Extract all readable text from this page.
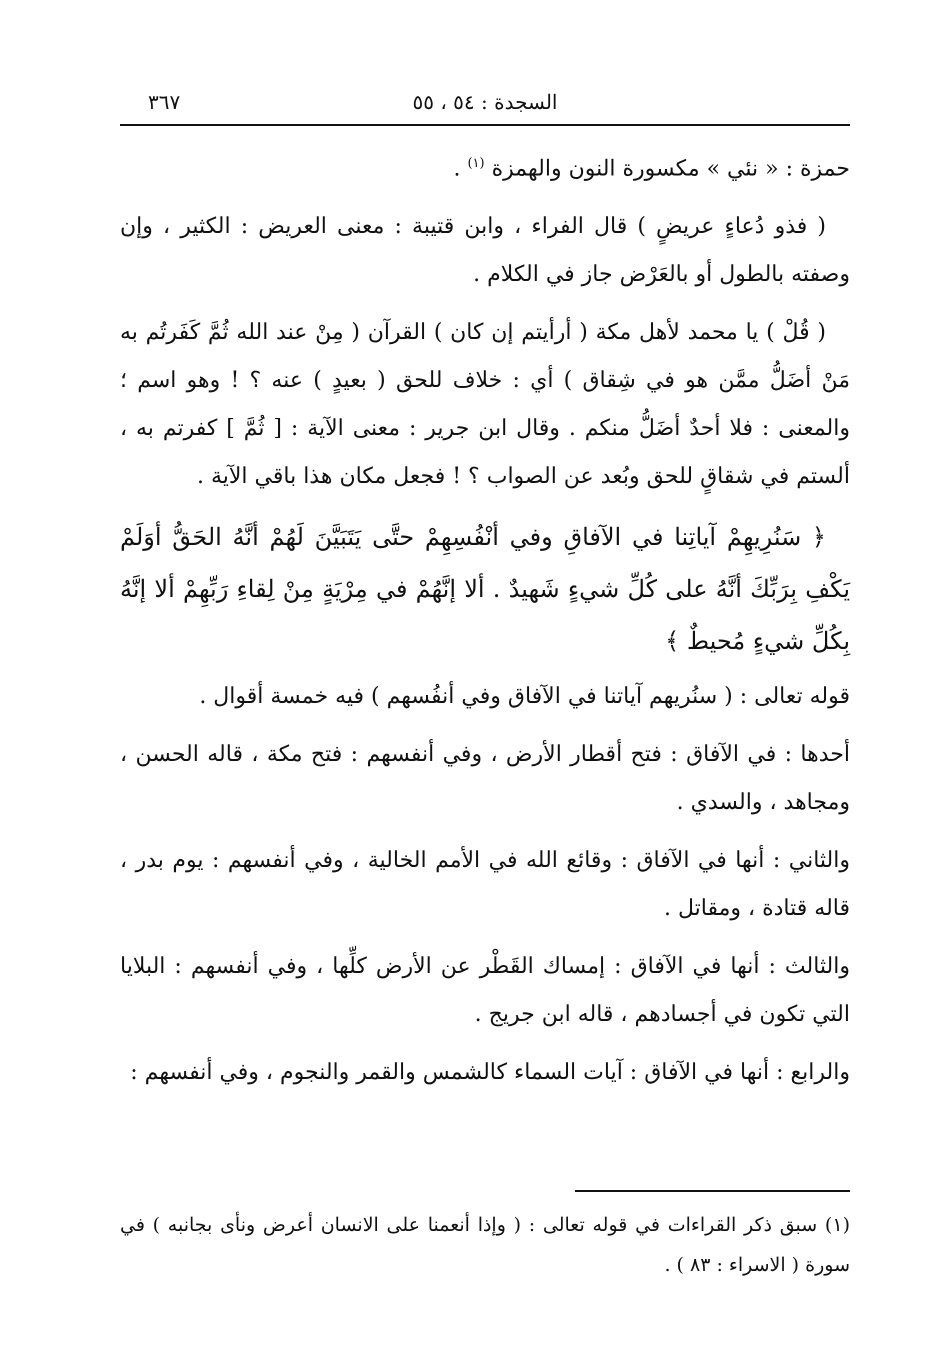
السجدة : ٥٤ ، ٥٥
٣٦٧

حمزة : « نئي » مكسورة النون والهمزة $^{(١)}$ .

( فذو دُعاءٍ عريضٍ ) قال الفراء ، وابن قتيبة : معنى العريض : الكثير ، وإن وصفته بالطول أو بالعَرْض جاز في الكلام .

( قُلْ ) يا محمد لأهل مكة ( أرأيتم إن كان ) القرآن ( مِنْ عند الله ثُمَّ كَفَرتُم به مَنْ أضَلُّ ممَّن هو في شِقاق ) أي : خلاف للحق ( بعيدٍ ) عنه ؟ ! وهو اسم ؛ والمعنى : فلا أحدٌ أضَلُّ منكم . وقال ابن جرير : معنى الآية : [ ثُمَّ ] كفرتم به ، ألستم في شقاقٍ للحق وبُعد عن الصواب ؟ ! فجعل مكان هذا باقي الآية .

﴿ سَنُرِيهِمْ آياتِنا في الآفاقِ وفي أنْفُسِهِمْ حتَّى يَتَبَيَّنَ لَهُمْ أنَّهُ الحَقُّ أوَلَمْ يَكْفِ بِرَبِّكَ أنَّهُ على كُلِّ شيءٍ شَهيدٌ . ألا إنَّهُمْ في مِرْيَةٍ مِنْ لِقاءِ رَبِّهِمْ ألا إنَّهُ بِكُلِّ شيءٍ مُحيطٌ ﴾

قوله تعالى : ( سنُريهم آياتنا في الآفاق وفي أنفُسهم ) فيه خمسة أقوال .

أحدها : في الآفاق : فتح أقطار الأرض ، وفي أنفسهم : فتح مكة ، قاله الحسن ، ومجاهد ، والسدي .

والثاني : أنها في الآفاق : وقائع الله في الأمم الخالية ، وفي أنفسهم : يوم بدر ، قاله قتادة ، ومقاتل .

والثالث : أنها في الآفاق : إمساك القَطْر عن الأرض كلِّها ، وفي أنفسهم : البلايا التي تكون في أجسادهم ، قاله ابن جريج .

والرابع : أنها في الآفاق : آيات السماء كالشمس والقمر والنجوم ، وفي أنفسهم :

(١) سبق ذكر القراءات في قوله تعالى : ( وإذا أنعمنا على الانسان أعرض ونأى بجانبه ) في سورة ( الاسراء : ٨٣ ) .
